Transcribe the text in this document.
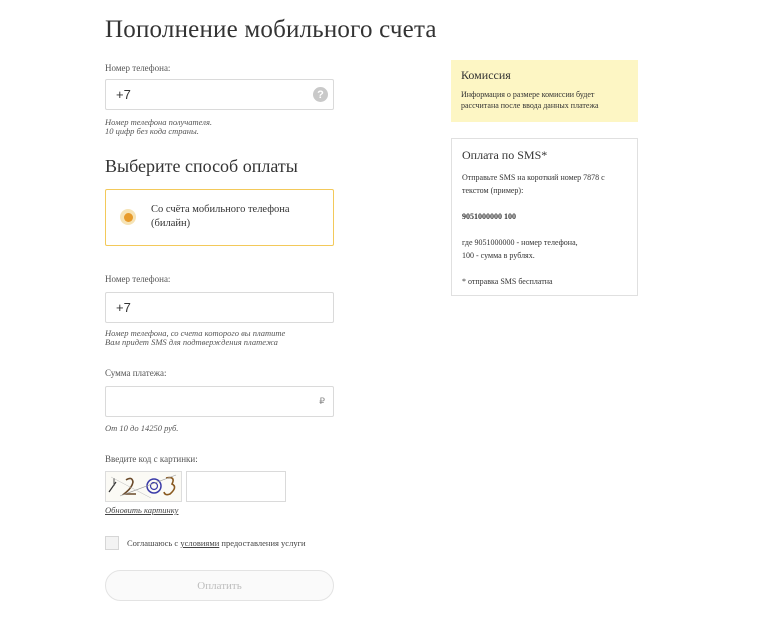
Пополнение мобильного счета
Номер телефона:
+7	?
Номер телефона получателя.
10 цифр без кода страны.
Выберите способ оплаты
Со счёта мобильного телефона
(билайн)
Номер телефона:
+7
Номер телефона, со счета которого вы платите
Вам придет SMS для подтверждения платежа
Сумма платежа:
₽
От 10 до 14250 руб.
Введите код с картинки:
Обновить картинку
Соглашаюсь с условиями предоставления услуги
Оплатить
Комиссия
Информация о размере комиссии будет
рассчитана после ввода данных платежа
Оплата по SMS*
Отправьте SMS на короткий номер 7878 с
текстом (пример):
9051000000 100
где 9051000000 - номер телефона,
100 - сумма в рублях.
* отправка SMS бесплатна
